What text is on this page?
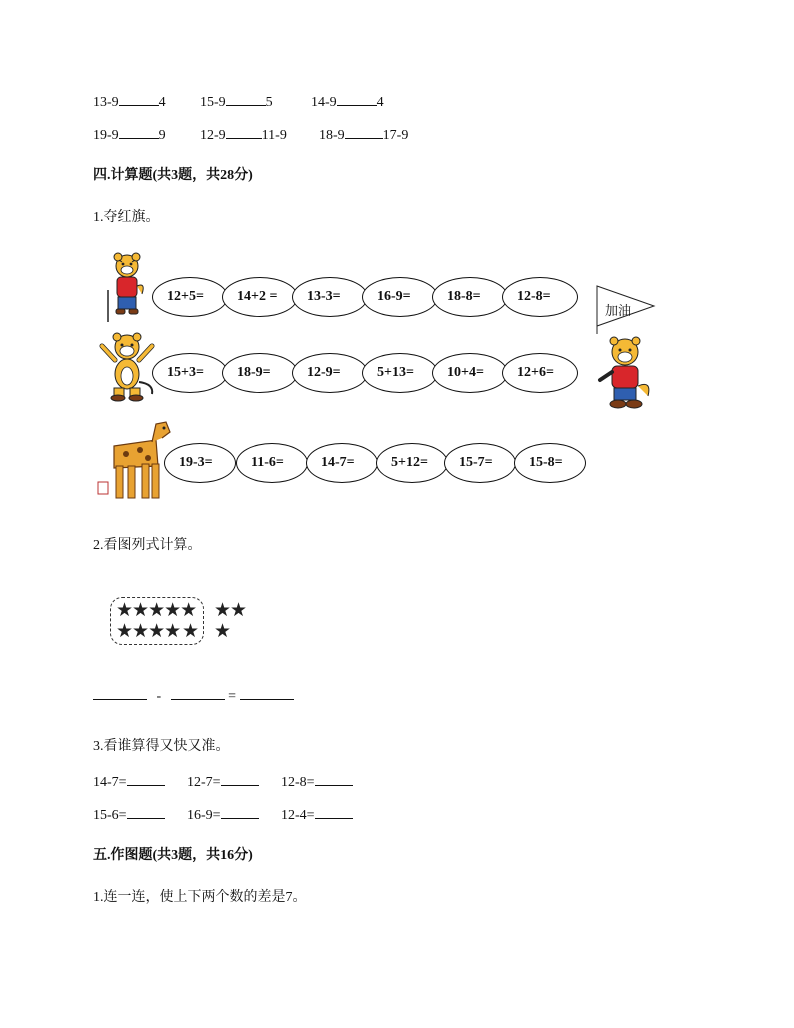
13-9	4 15-9	5	14-9	4
19-9	9 12-9	11-9 18-9	17-9
四.计算题(共3题，共28分)
1.夺红旗。
12+5=	14+2 =	13-3=	16-9=	18-8=	12-8=
加油
15+3=	18-9=	12-9=	5+13=	10+4=	12+6=
19-3=	11-6=	14-7=	5+12=	15-7=	15-8=
2.看图列式计算。
★★★★★
★★★★ ★
★★
★
-	=
3.看谁算得又快又准。
14-7=	12-7=	12-8=
15-6=	16-9=	12-4=
五.作图题(共3题，共16分)
1.连一连，使上下两个数的差是7。
